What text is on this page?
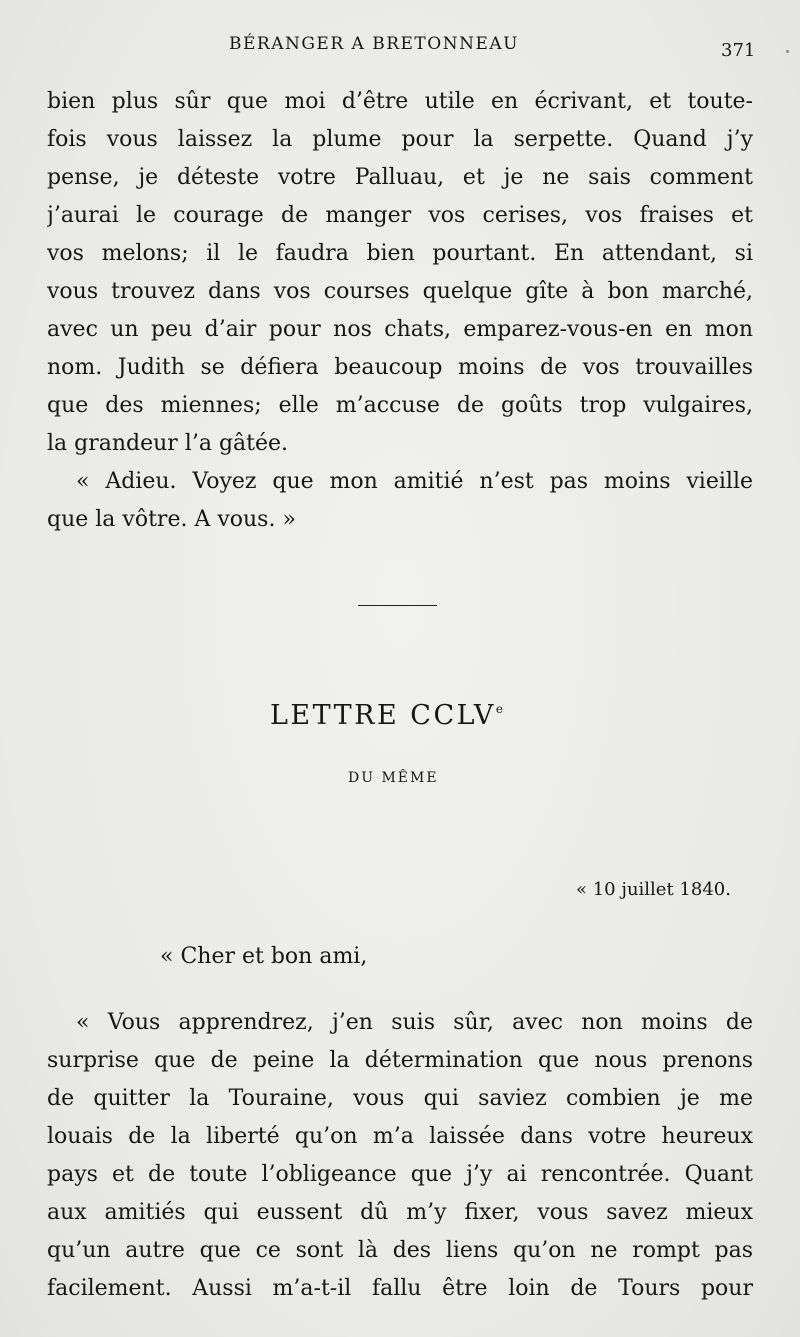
BÉRANGER A BRETONNEAU	371
bien plus sûr que moi d’être utile en écrivant, et toute-
fois vous laissez la plume pour la serpette. Quand j’y
pense, je déteste votre Palluau, et je ne sais comment
j’aurai le courage de manger vos cerises, vos fraises et
vos melons; il le faudra bien pourtant. En attendant, si
vous trouvez dans vos courses quelque gîte à bon marché,
avec un peu d’air pour nos chats, emparez-vous-en en mon
nom. Judith se défiera beaucoup moins de vos trouvailles
que des miennes; elle m’accuse de goûts trop vulgaires,
la grandeur l’a gâtée.
« Adieu. Voyez que mon amitié n’est pas moins vieille
que la vôtre. A vous. »
LETTRE CCLVe
DU MÊME
« 10 juillet 1840.
« Cher et bon ami,
« Vous apprendrez, j’en suis sûr, avec non moins de
surprise que de peine la détermination que nous prenons
de quitter la Touraine, vous qui saviez combien je me
louais de la liberté qu’on m’a laissée dans votre heureux
pays et de toute l’obligeance que j’y ai rencontrée. Quant
aux amitiés qui eussent dû m’y fixer, vous savez mieux
qu’un autre que ce sont là des liens qu’on ne rompt pas
facilement. Aussi m’a-t-il fallu être loin de Tours pour
